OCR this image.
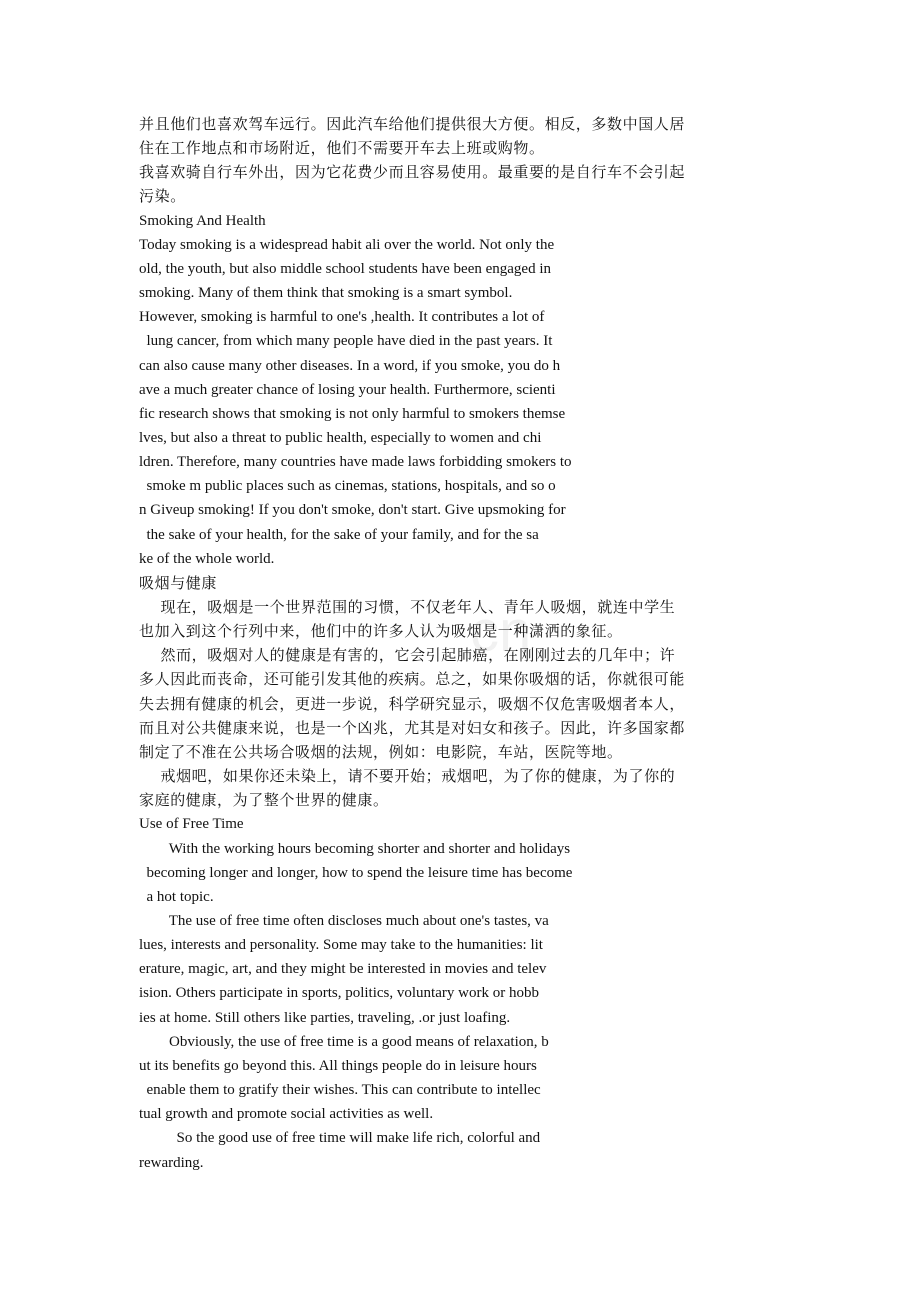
cn
并且他们也喜欢驾车远行。因此汽车给他们提供很大方便。相反，多数中国人居
住在工作地点和市场附近，他们不需要开车去上班或购物。
我喜欢骑自行车外出，因为它花费少而且容易使用。最重要的是自行车不会引起
污染。
Smoking And Health
Today smoking is a widespread habit ali over the world. Not only the
old, the youth, but also middle school students have been engaged in
smoking. Many of them think that smoking is a smart symbol.
However, smoking is harmful to one's ,health. It contributes a lot of
lung cancer, from which many people have died in the past years. It
can also cause many other diseases. In a word, if you smoke, you do h
ave a much greater chance of losing your health. Furthermore, scienti
fic research shows that smoking is not only harmful to smokers themse
lves, but also a threat to public health, especially to women and chi
ldren. Therefore, many countries have made laws forbidding smokers to
smoke m public places such as cinemas, stations, hospitals, and so o
n Giveup smoking! If you don't smoke, don't start. Give upsmoking for
the sake of your health, for the sake of your family, and for the sa
ke of the whole world.
吸烟与健康
现在，吸烟是一个世界范围的习惯，不仅老年人、青年人吸烟，就连中学生
也加入到这个行列中来，他们中的许多人认为吸烟是一种潇洒的象征。
然而，吸烟对人的健康是有害的，它会引起肺癌，在刚刚过去的几年中；许
多人因此而丧命，还可能引发其他的疾病。总之，如果你吸烟的话，你就很可能
失去拥有健康的机会，更进一步说，科学研究显示，吸烟不仅危害吸烟者本人，
而且对公共健康来说，也是一个凶兆，尤其是对妇女和孩子。因此，许多国家都
制定了不准在公共场合吸烟的法规，例如：电影院，车站，医院等地。
戒烟吧，如果你还未染上，请不要开始；戒烟吧，为了你的健康，为了你的
家庭的健康，为了整个世界的健康。
Use of Free Time
With the working hours becoming shorter and shorter and holidays
becoming longer and longer, how to spend the leisure time has become
a hot topic.
The use of free time often discloses much about one's tastes, va
lues, interests and personality. Some may take to the humanities: lit
erature, magic, art, and they might be interested in movies and telev
ision. Others participate in sports, politics, voluntary work or hobb
ies at home. Still others like parties, traveling, .or just loafing.
Obviously, the use of free time is a good means of relaxation, b
ut its benefits go beyond this. All things people do in leisure hours
enable them to gratify their wishes. This can contribute to intellec
tual growth and promote social activities as well.
So the good use of free time will make life rich, colorful and
rewarding.
